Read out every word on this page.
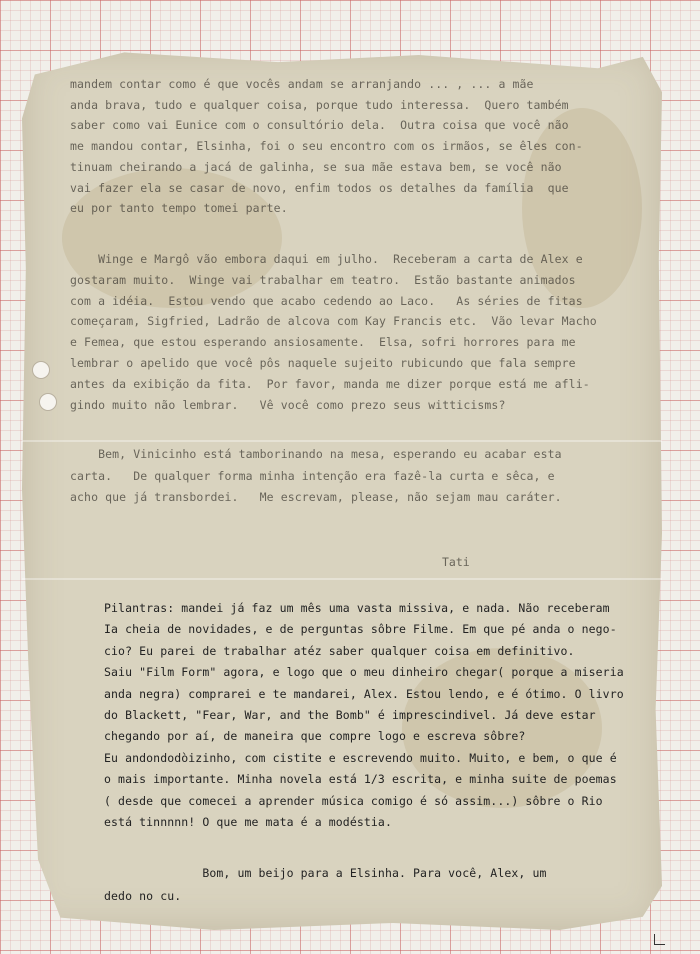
mandem contar como é que vocês andam se arranjando ... , ... a mãe
anda brava, tudo e qualquer coisa, porque tudo interessa.  Quero também
saber como vai Eunice com o consultório dela.  Outra coisa que você não
me mandou contar, Elsinha, foi o seu encontro com os irmãos, se êles con-
tinuam cheirando a jacá de galinha, se sua mãe estava bem, se você não
vai fazer ela se casar de novo, enfim todos os detalhes da família  que
eu por tanto tempo tomei parte.
Winge e Margô vão embora daqui em julho.  Receberam a carta de Alex e
gostaram muito.  Winge vai trabalhar em teatro.  Estão bastante animados
com a idéia.  Estou vendo que acabo cedendo ao Laco.   As séries de fitas
começaram, Sigfried, Ladrão de alcova com Kay Francis etc.  Vão levar Macho
e Femea, que estou esperando ansiosamente.  Elsa, sofri horrores para me
lembrar o apelido que você pôs naquele sujeito rubicundo que fala sempre
antes da exibição da fita.  Por favor, manda me dizer porque está me afli-
gindo muito não lembrar.   Vê você como prezo seus witticisms?
Bem, Vinicinho está tamborinando na mesa, esperando eu acabar esta
carta.   De qualquer forma minha intenção era fazê-la curta e sêca, e
acho que já transbordei.   Me escrevam, please, não sejam mau caráter.
Tati
Pilantras: mandei já faz um mês uma vasta missiva, e nada. Não receberam
Ia cheia de novidades, e de perguntas sôbre Filme. Em que pé anda o nego-
cio? Eu parei de trabalhar atéz saber qualquer coisa em definitivo.
Saiu "Film Form" agora, e logo que o meu dinheiro chegar( porque a miseria
anda negra) comprarei e te mandarei, Alex. Estou lendo, e é ótimo. O livro
do Blackett, "Fear, War, and the Bomb" é imprescindivel. Já deve estar
chegando por aí, de maneira que compre logo e escreva sôbre?
Eu andondodòizinho, com cistite e escrevendo muito. Muito, e bem, o que é
o mais importante. Minha novela está 1/3 escrita, e minha suite de poemas
( desde que comecei a aprender música comigo é só assim...) sôbre o Rio
está tinnnnn! O que me mata é a modéstia.
Bom, um beijo para a Elsinha. Para você, Alex, um
dedo no cu.
